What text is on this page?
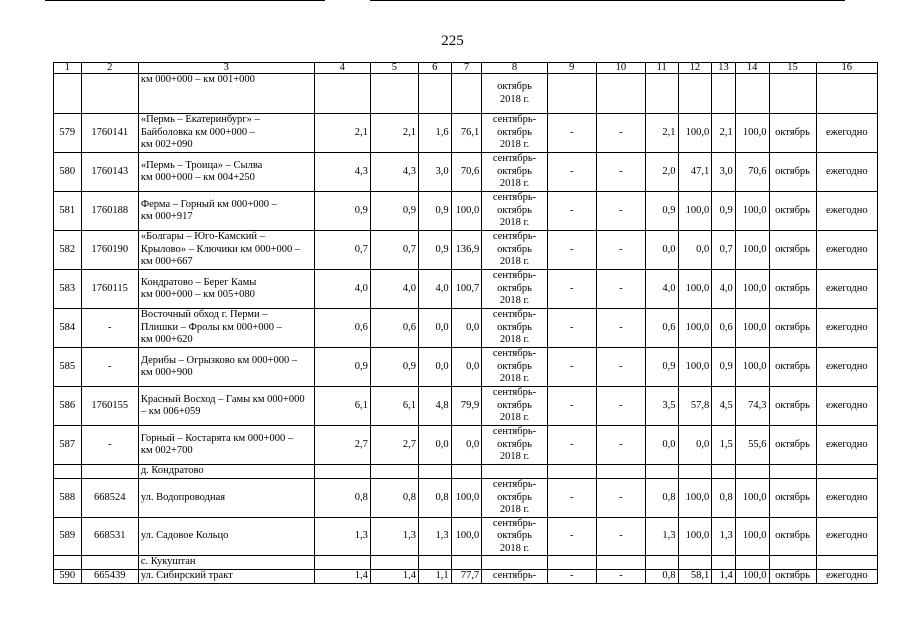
225
1	2	3	4	5	6	7	8	9	10	11	12	13	14	15	16
		км 000+000 – км 001+000					октябрь
2018 г.								
579	1760141	«Пермь – Екатеринбург» –
Байболовка км 000+000 –
км 002+090	2,1	2,1	1,6	76,1	сентябрь-
октябрь
2018 г.	-	-	2,1	100,0	2,1	100,0	октябрь	ежегодно
580	1760143	«Пермь – Троица» – Сылва
км 000+000 – км 004+250	4,3	4,3	3,0	70,6	сентябрь-
октябрь
2018 г.	-	-	2,0	47,1	3,0	70,6	октябрь	ежегодно
581	1760188	Ферма – Горный км 000+000 –
км 000+917	0,9	0,9	0,9	100,0	сентябрь-
октябрь
2018 г.	-	-	0,9	100,0	0,9	100,0	октябрь	ежегодно
582	1760190	«Болгары – Юго-Камский –
Крылово» – Ключики км 000+000 –
км 000+667	0,7	0,7	0,9	136,9	сентябрь-
октябрь
2018 г.	-	-	0,0	0,0	0,7	100,0	октябрь	ежегодно
583	1760115	Кондратово – Берег Камы
км 000+000 – км 005+080	4,0	4,0	4,0	100,7	сентябрь-
октябрь
2018 г.	-	-	4,0	100,0	4,0	100,0	октябрь	ежегодно
584	-	Восточный обход г. Перми –
Плишки – Фролы км 000+000 –
км 000+620	0,6	0,6	0,0	0,0	сентябрь-
октябрь
2018 г.	-	-	0,6	100,0	0,6	100,0	октябрь	ежегодно
585	-	Дерибы – Огрызково км 000+000 –
км 000+900	0,9	0,9	0,0	0,0	сентябрь-
октябрь
2018 г.	-	-	0,9	100,0	0,9	100,0	октябрь	ежегодно
586	1760155	Красный Восход – Гамы км 000+000
– км 006+059	6,1	6,1	4,8	79,9	сентябрь-
октябрь
2018 г.	-	-	3,5	57,8	4,5	74,3	октябрь	ежегодно
587	-	Горный – Костарята км 000+000 –
км 002+700	2,7	2,7	0,0	0,0	сентябрь-
октябрь
2018 г.	-	-	0,0	0,0	1,5	55,6	октябрь	ежегодно
		д. Кондратово													
588	668524	ул. Водопроводная	0,8	0,8	0,8	100,0	сентябрь-
октябрь
2018 г.	-	-	0,8	100,0	0,8	100,0	октябрь	ежегодно
589	668531	ул. Садовое Кольцо	1,3	1,3	1,3	100,0	сентябрь-
октябрь
2018 г.	-	-	1,3	100,0	1,3	100,0	октябрь	ежегодно
		с. Кукуштан													
590	665439	ул. Сибирский тракт	1,4	1,4	1,1	77,7	сентябрь-	-	-	0,8	58,1	1,4	100,0	октябрь	ежегодно
